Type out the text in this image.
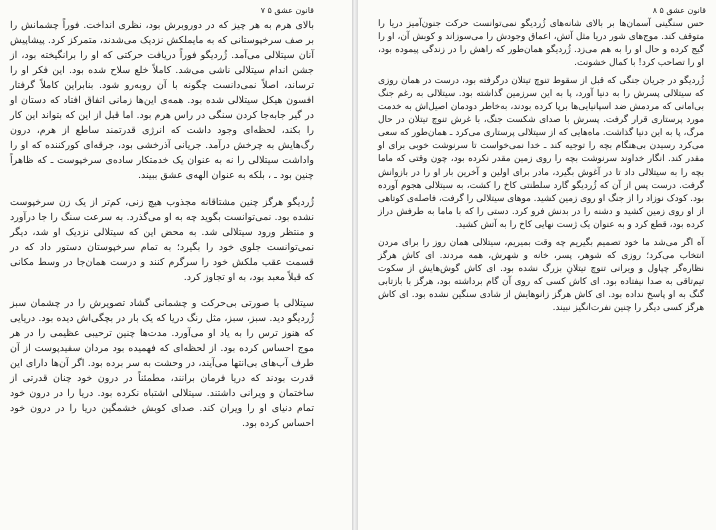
قانون عشق ۵ ۷

بالای هرم به هر چیز که در دوروبرش بود، نظری انداخت. فوراً چشمانش را بر صف سرخپوستانی که به مایملکش نزدیک می‌شدند، متمرکز کرد. پیشاپیش آنان سیتلالی می‌آمد. ژُردیگو فوراً دریافت حرکتی که او را برانگیخته بود، از جشن اندام سیتلالی ناشی می‌شد. کاملاً خلع سلاح شده بود. این فکر او را ترساند، اصلاً نمی‌دانست چگونه با آن روبه‌رو شود. بنابراین کاملاً گرفتار افسون هیکل سیتلالی شده بود. همه‌ی این‌ها زمانی اتفاق افتاد که دستان او در گیر جابه‌جا کردن سنگی در راس هرم بود. اما قبل از این که بتواند این کار را بکند، لحظه‌ای وجود داشت که انرژی قدرتمند ساطع از هرم، درون رگ‌هایش به چرخش درآمد. جریانی آذرخشی بود، جرقه‌ای کورکننده که او را واداشت سیتلالی را نه به عنوان یک خدمتکار ساده‌ی سرخپوست ـ که ظاهراً چنین بود ـ ، بلکه به عنوان الهه‌ی عشق ببیند.

ژُردیگو هرگز چنین مشتاقانه مجذوب هیچ زنی، کم‌تر از یک زن سرخپوست نشده بود. نمی‌توانست بگوید چه به او می‌گذرد. به سرعت سنگ را جا در‌آورد و منتظر ورود سیتلالی شد. به محض این که سیتلالی نزدیک او شد، دیگر نمی‌توانست جلوی خود را بگیرد؛ به تمام سرخپوستان دستور داد که در قسمت عقب ملکش خود را سرگرم کنند و درست همان‌جا در وسط مکانی که قبلاً معبد بود، به او تجاوز کرد.

سیتلالی با صورتی بی‌حرکت و چشمانی گشاد تصویرش را در چشمان سبز ژُردیگو دید. سبز، سبز، مثل رنگ دریا که یک بار در بچگی‌اش دیده بود. دریایی که هنوز ترس را به یاد او می‌آورد. مدت‌ها چنین ترحیبی عظیمی را در هر موج احساس کرده بود. از لحظه‌ای که فهمیده بود مردان سفیدپوست از آن طرف آب‌های بی‌انتها می‌آیند، در وحشت به سر برده بود. اگر آن‌ها دارای این قدرت بودند که دریا فرمان برانند، مطمئناً در درون خود چنان قدرتی از ساختمان و ویرانی داشتند. سیتلالی اشتباه نکرده بود. دریا را در درون خود تمام دنیای او را ویران کند. صدای کوبش خشمگین دریا را در درون خود احساس کرده بود.

قانون عشق ۵ ۸

حس سنگینی آسمان‌ها بر بالای شانه‌های ژُردیگو نمی‌توانست حرکت جنون‌آمیز دریا را متوقف کند. موج‌های شور دریا مثل آتش، اعماق وجودش را می‌سوزاند و کوبش آن، او را گیج کرده و حال او را به هم می‌زد. ژُردیگو همان‌طور که راهش را در زندگی پیموده بود، او را تصاحب کرد! با کمال خشونت.

ژُردیگو در جریان جنگی که قبل از سقوط تنوچ تیتلان درگرفته بود، درست در همان روزی که سیتلالی پسرش را به دنیا آورد، پا به این سرزمین گذاشته بود. سیتلالی به رغم جنگ بی‌امانی که مردمش ضد اسپانیایی‌ها برپا کرده بودند، به‌خاطر دودمان اصیل‌اش به خدمت مورد پرستاری قرار گرفت. پسرش با صدای شکست جنگ، با غرش تنوچ تیتلان در حال مرگ، پا به این دنیا گذاشت. ماه‌هایی که از سیتلالی پرستاری می‌کرد ـ همان‌طور که سعی می‌کرد رسیدن بی‌هنگام بچه را توجیه کند ـ خدا نمی‌خواست تا سرنوشت خوبی برای او مقدر کند. انگار خداوند سرنوشت بچه را روی زمین مقدر نکرده بود، چون وقتی که ماما بچه را به سیتلالی داد تا در آغوش بگیرد، مادر برای اولین و آخرین بار او را در بازوانش گرفت. درست پس از آن که ژُردیگو گارد سلطنتی کاخ را کشت، به سیتلالی هجوم آورده بود. کودک نوزاد را از جنگ او روی زمین کشید. موهای سیتلالی را گرفت، فاصله‌ی کوتاهی از او روی زمین کشید و دشنه را در بدنش فرو کرد. دستی را که با ماما به طرفش دراز کرده بود، قطع کرد و به عنوان یک ژست نهایی کاخ را به آتش کشید.

آه اگر می‌شد ما خود تصمیم بگیریم چه وقت بمیریم، سیتلالی همان روز را برای مردن انتخاب می‌کرد؛ روزی که شوهر، پسر، خانه و شهرش، همه مردند. ای کاش هرگز نظاره‌گر چپاول و ویرانی تنوچ تیتلانِ بزرگ نشده بود. ای کاش گوش‌هایش از سکوت تیم‌تاقی به صدا نیفتاده بود. ای کاش کسی که روی آن گام برداشته بود، هرگز با بازتابی گنگ به او پاسخ نداده بود. ای کاش هرگز زانوهایش از شادی سنگین نشده بود. ای کاش هرگز کسی دیگر را چنین نفرت‌انگیز نبیند.
